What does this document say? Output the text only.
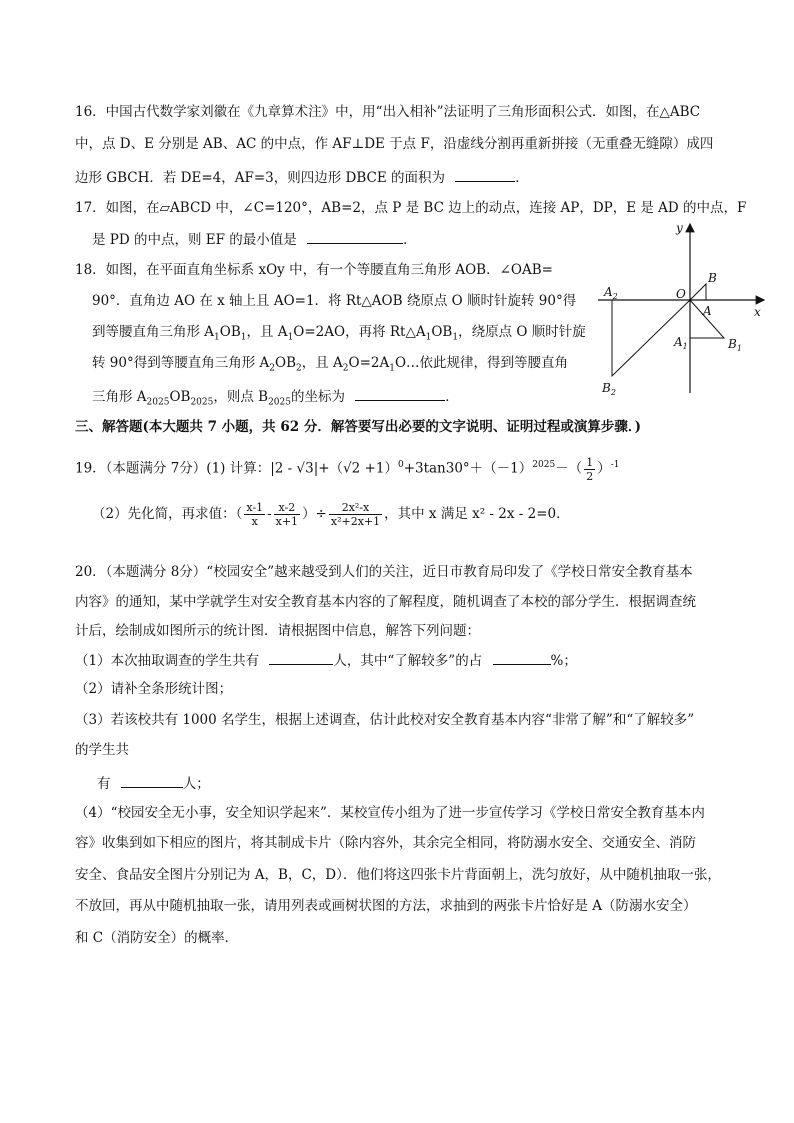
16．中国古代数学家刘徽在《九章算术注》中，用“出入相补”法证明了三角形面积公式．如图，在△ABC
中，点 D、E 分别是 AB、AC 的中点，作 AF⊥DE 于点 F，沿虚线分割再重新拼接（无重叠无缝隙）成四
边形 GBCH．若 DE=4，AF=3，则四边形 DBCE 的面积为	．
17．如图，在▱ABCD 中，∠C=120°，AB=2，点 P 是 BC 边上的动点，连接 AP，DP，E 是 AD 的中点，F
是 PD 的中点，则 EF 的最小值是	．
18．如图，在平面直角坐标系 xOy 中，有一个等腰直角三角形 AOB．∠OAB=
90°．直角边 AO 在 x 轴上且 AO=1．将 Rt△AOB 绕原点 O 顺时针旋转 90°得
到等腰直角三角形 $A_1OB_1$，且 $A_1O=2AO$，再将 $Rt\triangle A_1OB_1$，绕原点 O 顺时针旋
转 90°得到等腰直角三角形 $A_2OB_2$，且 $A_2O=2A_1O\dots$依此规律，得到等腰直角
三角形 $A_{2025}OB_{2025}$，则点 $B_{2025}$的坐标为	．
y
x
O
B
A
$A_1$	$B_1$
$A_2$
$B_2$
三、解答题(本大题共 7 小题，共 62 分．解答要写出必要的文字说明、证明过程或演算步骤．)
19．（本题满分 7分）(1) 计算：$|2 - √3|+(√2 +1)^0+3\tan 30^\circ+(-1)^{2025}-( \frac{1}{2} )^{-1}$
（2）先化简，再求值：（ $\frac{x-1}{x} - \frac{x-2}{x+1}$ ）÷ $\frac{\text{2x²-x}}{\text{x²+2x+1}}$ ，其中 x 满足 x² - 2x - 2=0．
20．（本题满分 8分）“校园安全”越来越受到人们的关注，近日市教育局印发了《学校日常安全教育基本
内容》的通知，某中学就学生对安全教育基本内容的了解程度，随机调查了本校的部分学生．根据调查统
计后，绘制成如图所示的统计图．请根据图中信息，解答下列问题：
（1）本次抽取调查的学生共有	人，其中“了解较多”的占	%；
（2）请补全条形统计图；
（3）若该校共有 1000 名学生，根据上述调查，估计此校对安全教育基本内容“非常了解”和“了解较多”
的学生共
有	人；
（4）“校园安全无小事，安全知识学起来”．某校宣传小组为了进一步宣传学习《学校日常安全教育基本内
容》收集到如下相应的图片，将其制成卡片（除内容外，其余完全相同，将防溺水安全、交通安全、消防
安全、食品安全图片分别记为 A，B，C，D）．他们将这四张卡片背面朝上，洗匀放好，从中随机抽取一张，
不放回，再从中随机抽取一张，请用列表或画树状图的方法，求抽到的两张卡片恰好是 A（防溺水安全）
和 C（消防安全）的概率．
